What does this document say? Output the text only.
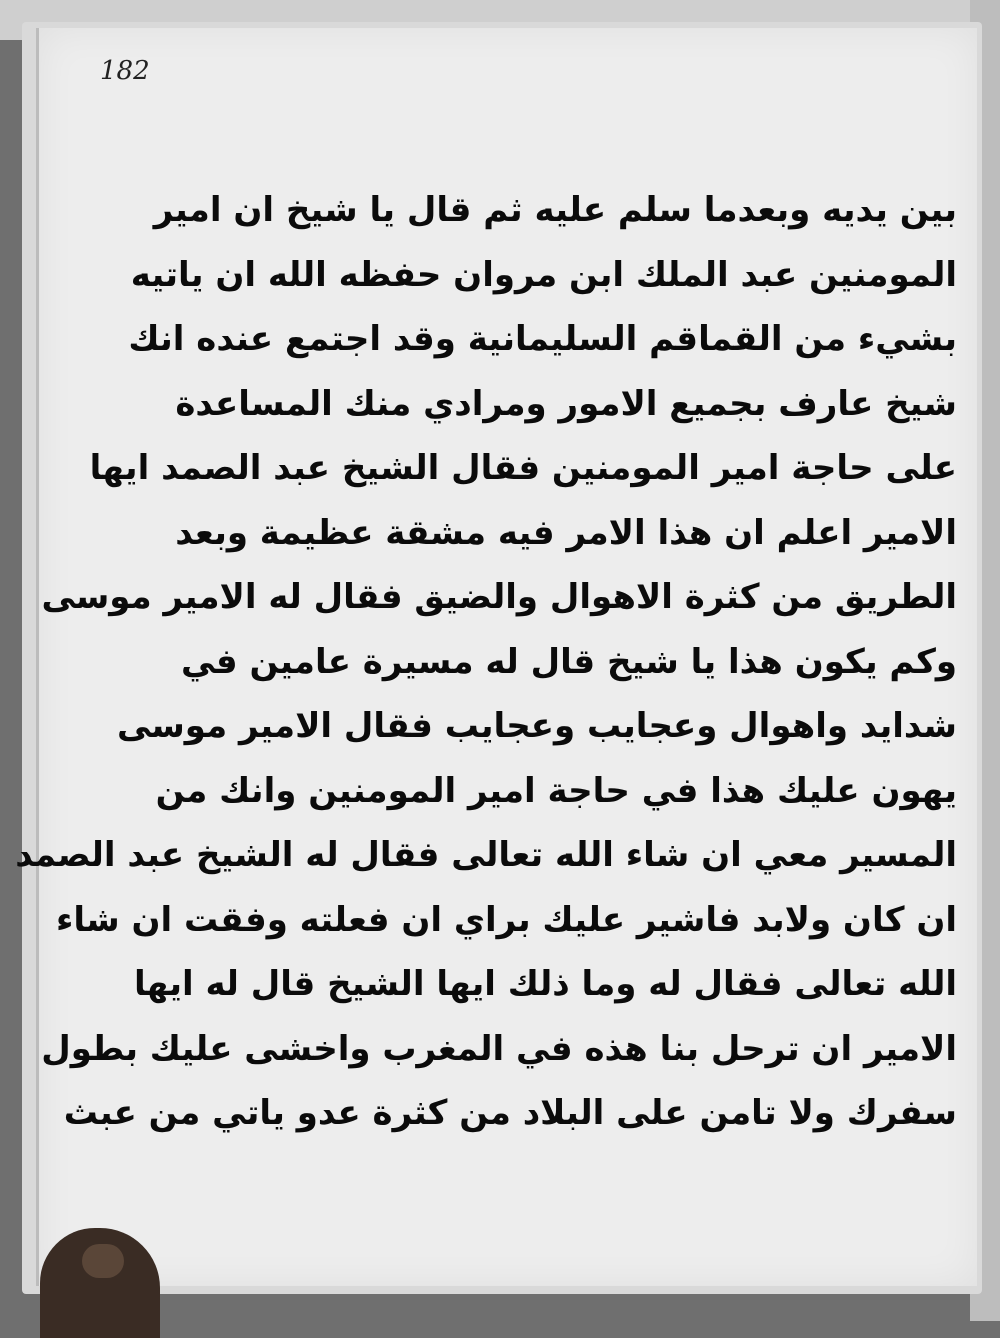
182
بين يديه وبعدما سلم عليه ثم قال يا شيخ ان امير
المومنين عبد الملك ابن مروان حفظه الله ان ياتيه
بشيء من القماقم السليمانية وقد اجتمع عنده انك
شيخ عارف بجميع الامور ومرادي منك المساعدة
على حاجة امير المومنين فقال الشيخ عبد الصمد ايها
الامير اعلم ان هذا الامر فيه مشقة عظيمة وبعد
الطريق من كثرة الاهوال والضيق فقال له الامير موسى
وكم يكون هذا يا شيخ قال له مسيرة عامين في
شدايد واهوال وعجايب وعجايب فقال الامير موسى
يهون عليك هذا في حاجة امير المومنين وانك من
المسير معي ان شاء الله تعالى فقال له الشيخ عبد الصمد
ان كان ولابد فاشير عليك براي ان فعلته وفقت ان شاء
الله تعالى فقال له وما ذلك ايها الشيخ قال له ايها
الامير ان ترحل بنا هذه في المغرب واخشى عليك بطول
سفرك ولا تامن على البلاد من كثرة عدو ياتي من عبث
